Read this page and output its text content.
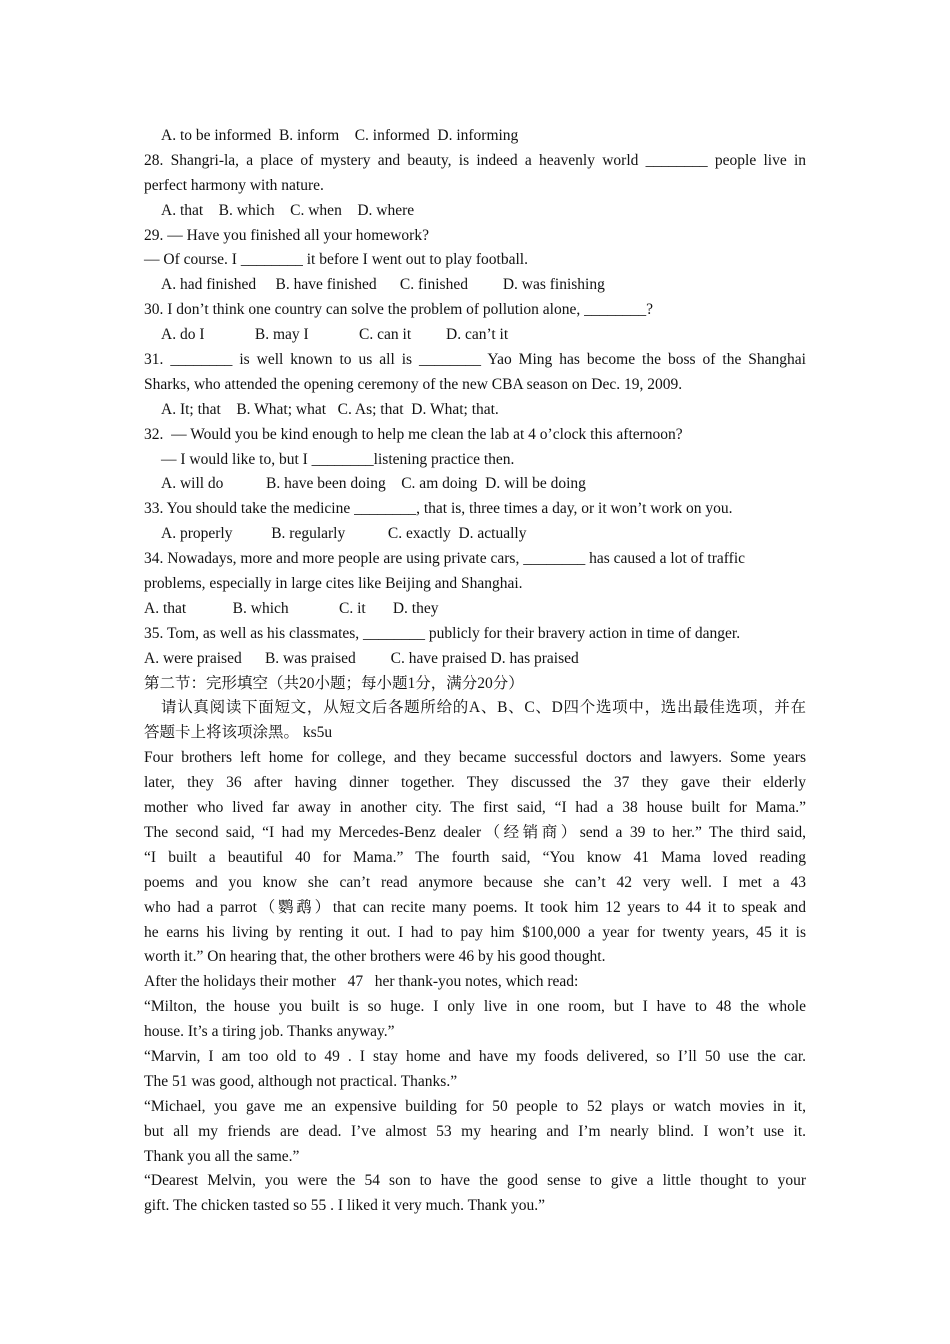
A. to be informed  B. inform    C. informed  D. informing
28. Shangri-la, a place of mystery and beauty, is indeed a heavenly world ________ people live in
perfect harmony with nature.
A. that    B. which    C. when    D. where
29. — Have you finished all your homework?
— Of course. I ________ it before I went out to play football.
A. had finished     B. have finished      C. finished         D. was finishing
30. I don’t think one country can solve the problem of pollution alone, ________?
A. do I             B. may I             C. can it         D. can’t it
31. ________ is well known to us all is ________ Yao Ming has become the boss of the Shanghai
Sharks, who attended the opening ceremony of the new CBA season on Dec. 19, 2009.
A. It; that    B. What; what   C. As; that  D. What; that.
32.  — Would you be kind enough to help me clean the lab at 4 o’clock this afternoon?
— I would like to, but I ________listening practice then.
A. will do           B. have been doing    C. am doing  D. will be doing
33. You should take the medicine ________, that is, three times a day, or it won’t work on you.
A. properly          B. regularly           C. exactly  D. actually
34. Nowadays, more and more people are using private cars, ________ has caused a lot of traffic
problems, especially in large cites like Beijing and Shanghai.
A. that            B. which             C. it       D. they
35. Tom, as well as his classmates, ________ publicly for their bravery action in time of danger.
A. were praised      B. was praised         C. have praised D. has praised
第二节：完形填空（共20小题；每小题1分，满分20分）
请认真阅读下面短文，从短文后各题所给的A、B、C、D四个选项中，选出最佳选项，并在
答题卡上将该项涂黑。 ks5u
Four brothers left home for college, and they became successful doctors and lawyers. Some years
later, they 36 after having dinner together. They discussed the 37 they gave their elderly
mother who lived far away in another city. The first said, “I had a 38 house built for Mama.”
The second said, “I had my Mercedes-Benz dealer（经销商）send a 39 to her.” The third said,
“I built a beautiful 40 for Mama.” The fourth said, “You know 41 Mama loved reading
poems and you know she can’t read anymore because she can’t 42 very well. I met a 43
who had a parrot（鹦鹉）that can recite many poems. It took him 12 years to 44 it to speak and
he earns his living by renting it out. I had to pay him $100,000 a year for twenty years, 45 it is
worth it.” On hearing that, the other brothers were 46 by his good thought.
After the holidays their mother   47   her thank-you notes, which read:
“Milton, the house you built is so huge. I only live in one room, but I have to 48 the whole
house. It’s a tiring job. Thanks anyway.”
“Marvin, I am too old to 49 . I stay home and have my foods delivered, so I’ll 50 use the car.
The 51 was good, although not practical. Thanks.”
“Michael, you gave me an expensive building for 50 people to 52 plays or watch movies in it,
but all my friends are dead. I’ve almost 53 my hearing and I’m nearly blind. I won’t use it.
Thank you all the same.”
“Dearest Melvin, you were the 54 son to have the good sense to give a little thought to your
gift. The chicken tasted so 55 . I liked it very much. Thank you.”
